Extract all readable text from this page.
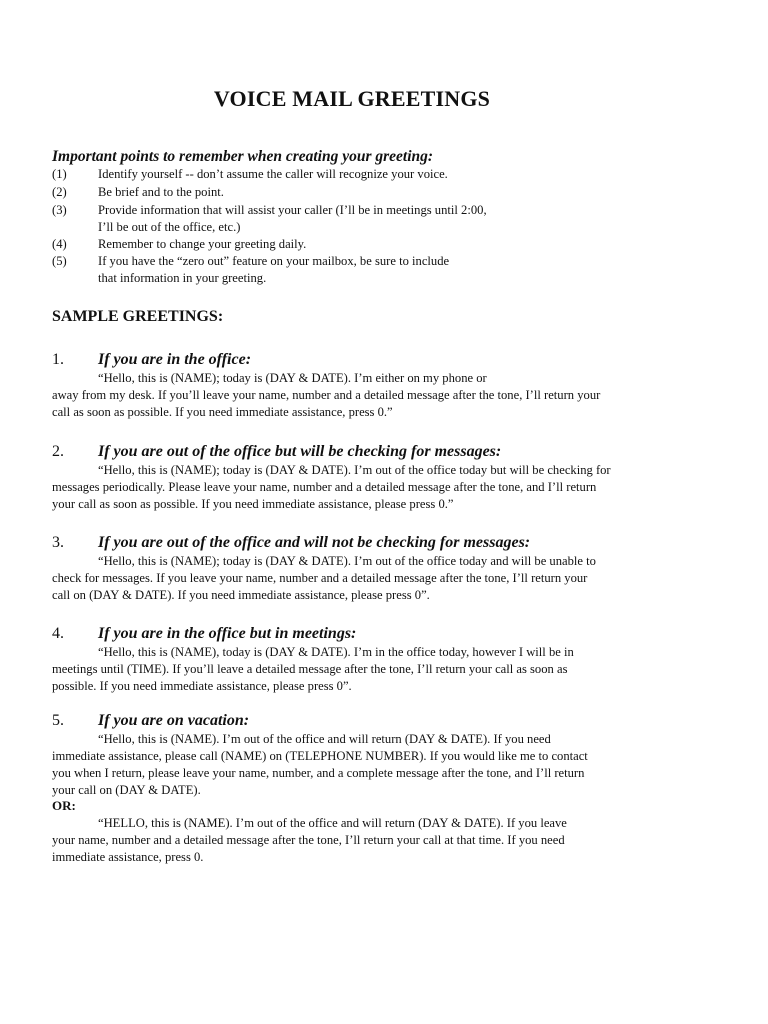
VOICE MAIL GREETINGS
Important points to remember when creating your greeting:
(1)	Identify yourself -- don’t assume the caller will recognize your voice.
(2)	Be brief and to the point.
(3)	Provide information that will assist your caller (I’ll be in meetings until 2:00,
I’ll be out of the office, etc.)
(4)	Remember to change your greeting daily.
(5)	If you have the “zero out” feature on your mailbox, be sure to include
that information in your greeting.
SAMPLE GREETINGS:
1. If you are in the office:
“Hello, this is (NAME); today is (DAY & DATE). I’m either on my phone or
away from my desk. If you’ll leave your name, number and a detailed message after the tone, I’ll return your
call as soon as possible. If you need immediate assistance, press 0.”
2. If you are out of the office but will be checking for messages:
“Hello, this is (NAME); today is (DAY & DATE). I’m out of the office today but will be checking for
messages periodically. Please leave your name, number and a detailed message after the tone, and I’ll return
your call as soon as possible. If you need immediate assistance, please press 0.”
3. If you are out of the office and will not be checking for messages:
“Hello, this is (NAME); today is (DAY & DATE). I’m out of the office today and will be unable to
check for messages. If you leave your name, number and a detailed message after the tone, I’ll return your
call on (DAY & DATE). If you need immediate assistance, please press 0”.
4. If you are in the office but in meetings:
“Hello, this is (NAME), today is (DAY & DATE). I’m in the office today, however I will be in
meetings until (TIME). If you’ll leave a detailed message after the tone, I’ll return your call as soon as
possible. If you need immediate assistance, please press 0”.
5. If you are on vacation:
“Hello, this is (NAME). I’m out of the office and will return (DAY & DATE). If you need
immediate assistance, please call (NAME) on (TELEPHONE NUMBER). If you would like me to contact
you when I return, please leave your name, number, and a complete message after the tone, and I’ll return
your call on (DAY & DATE).
OR:
“HELLO, this is (NAME). I’m out of the office and will return (DAY & DATE). If you leave
your name, number and a detailed message after the tone, I’ll return your call at that time. If you need
immediate assistance, press 0.
